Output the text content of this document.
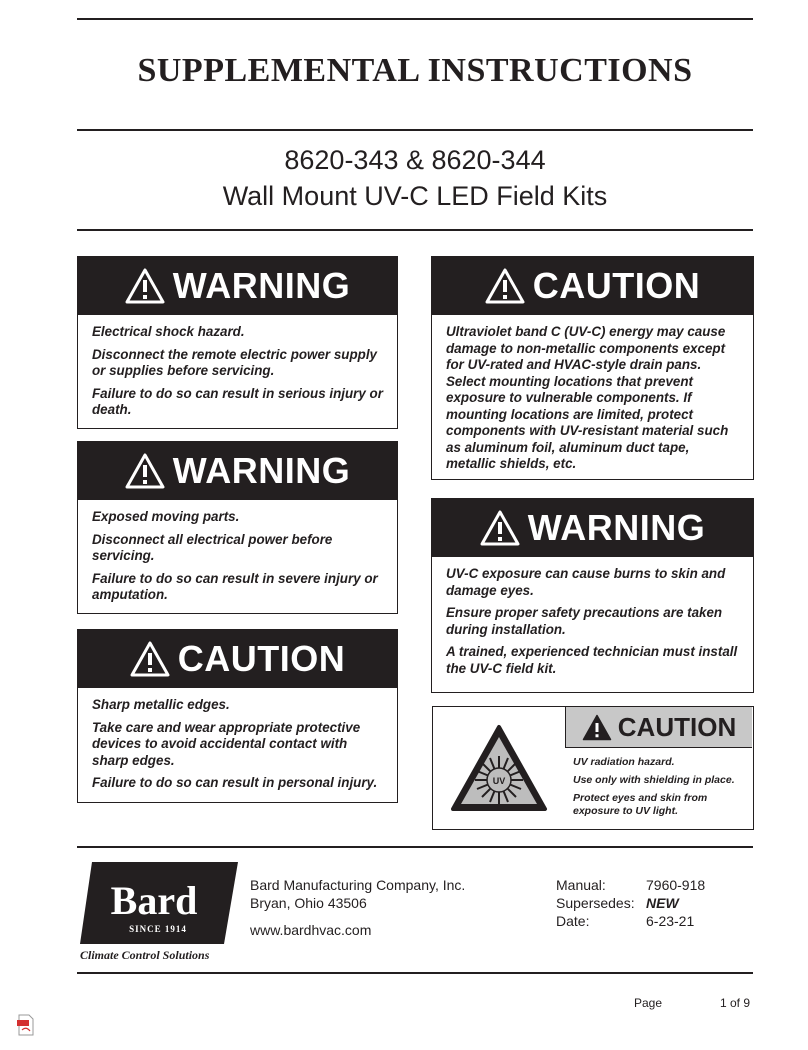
SUPPLEMENTAL INSTRUCTIONS
8620-343 & 8620-344
Wall Mount UV-C LED Field Kits
WARNING

Electrical shock hazard.

Disconnect the remote electric power supply or supplies before servicing.

Failure to do so can result in serious injury or death.

WARNING

Exposed moving parts.

Disconnect all electrical power before servicing.

Failure to do so can result in severe injury or amputation.

CAUTION

Sharp metallic edges.

Take care and wear appropriate protective devices to avoid accidental contact with sharp edges.

Failure to do so can result in personal injury.

CAUTION

Ultraviolet band C (UV-C) energy may cause damage to non-metallic components except for UV-rated and HVAC-style drain pans. Select mounting locations that prevent exposure to vulnerable components. If mounting locations are limited, protect components with UV-resistant material such as aluminum foil, aluminum duct tape, metallic shields, etc.

WARNING

UV-C exposure can cause burns to skin and damage eyes.

Ensure proper safety precautions are taken during installation.

A trained, experienced technician must install the UV-C field kit.

UV
CAUTION

UV radiation hazard.

Use only with shielding in place.

Protect eyes and skin from exposure to UV light.

Bard
SINCE 1914
Climate Control Solutions
Bard Manufacturing Company, Inc.
Bryan, Ohio 43506
www.bardhvac.com
Manual:	7960-918
Supersedes: NEW
Date:	6-23-21
Page	1 of 9
